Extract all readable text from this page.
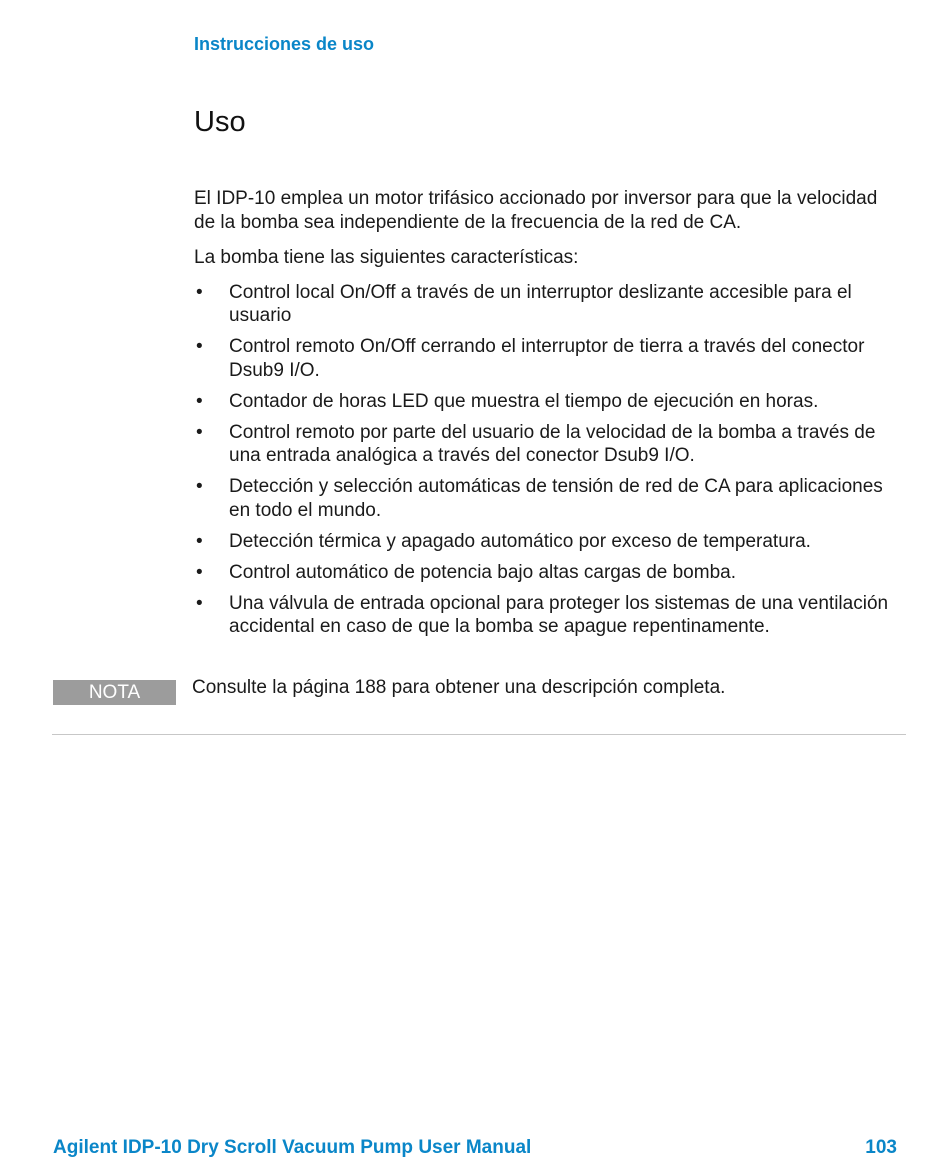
Instrucciones de uso
Uso

El IDP-10 emplea un motor trifásico accionado por inversor para que la velocidad de la bomba sea independiente de la frecuencia de la red de CA.

La bomba tiene las siguientes características:

• Control local On/Off a través de un interruptor deslizante accesible para el usuario
• Control remoto On/Off cerrando el interruptor de tierra a través del conector Dsub9 I/O.
• Contador de horas LED que muestra el tiempo de ejecución en horas.
• Control remoto por parte del usuario de la velocidad de la bomba a través de una entrada analógica a través del conector Dsub9 I/O.
• Detección y selección automáticas de tensión de red de CA para aplicaciones en todo el mundo.
• Detección térmica y apagado automático por exceso de temperatura.
• Control automático de potencia bajo altas cargas de bomba.
• Una válvula de entrada opcional para proteger los sistemas de una ventilación accidental en caso de que la bomba se apague repentinamente.
NOTA	Consulte la página 188 para obtener una descripción completa.
Agilent IDP-10 Dry Scroll Vacuum Pump User Manual	103
